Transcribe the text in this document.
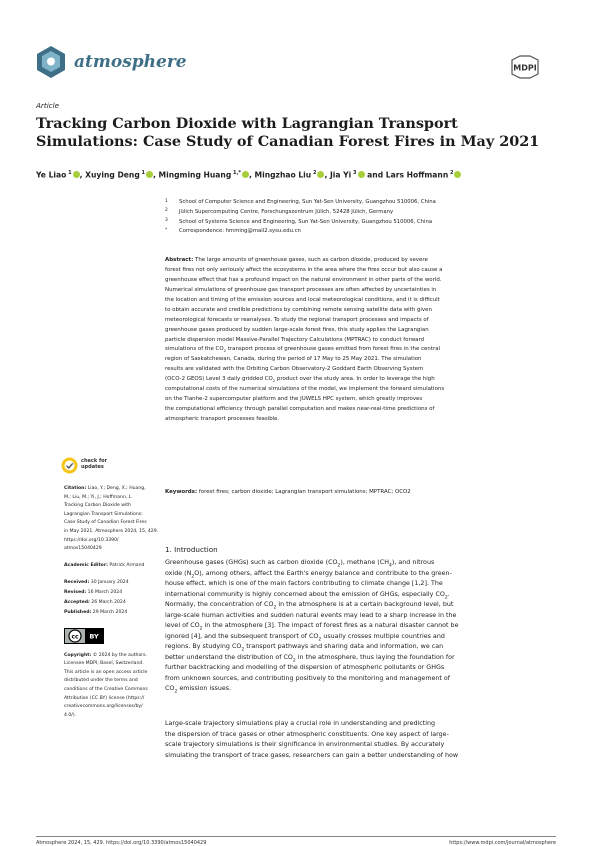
atmosphere	MDPI
Article
Tracking Carbon Dioxide with Lagrangian Transport
Simulations: Case Study of Canadian Forest Fires in May 2021
Ye Liao $^1$ , Xuying Deng $^1$ , Mingming Huang $^{1,*}$ , Mingzhao Liu $^2$ , Jia Yi $^3$ and Lars Hoffmann $^2$
1 School of Computer Science and Engineering, Sun Yat-Sen University, Guangzhou 510006, China
2 Jülich Supercomputing Centre, Forschungszentrum Jülich, 52428 Jülich, Germany
3 School of Systems Science and Engineering, Sun Yat-Sen University, Guangzhou 510006, China
* Correspondence: hmming@mail2.sysu.edu.cn
Abstract: The large amounts of greenhouse gases, such as carbon dioxide, produced by severe
forest fires not only seriously affect the ecosystems in the area where the fires occur but also cause a
greenhouse effect that has a profound impact on the natural environment in other parts of the world.
Numerical simulations of greenhouse gas transport processes are often affected by uncertainties in
the location and timing of the emission sources and local meteorological conditions, and it is difficult
to obtain accurate and credible predictions by combining remote sensing satellite data with given
meteorological forecasts or reanalyses. To study the regional transport processes and impacts of
greenhouse gases produced by sudden large-scale forest fires, this study applies the Lagrangian
particle dispersion model Massive-Parallel Trajectory Calculations (MPTRAC) to conduct forward
simulations of the $CO_2$ transport process of greenhouse gases emitted from forest fires in the central
region of Saskatchewan, Canada, during the period of 17 May to 25 May 2021. The simulation
results are validated with the Orbiting Carbon Observatory-2 Goddard Earth Observing System
(OCO-2 GEOS) Level 3 daily gridded $CO_2$ product over the study area. In order to leverage the high
computational costs of the numerical simulations of the model, we implement the forward simulations
on the Tianhe-2 supercomputer platform and the JUWELS HPC system, which greatly improves
the computational efficiency through parallel computation and makes near-real-time predictions of
atmospheric transport processes feasible.
Keywords: forest fires; carbon dioxide; Lagrangian transport simulations; MPTRAC; OCO2
check for
updates
Citation: Liao, Y.; Deng, X.; Huang,
M.; Liu, M.; Yi, J.; Hoffmann, L.
Tracking Carbon Dioxide with
Lagrangian Transport Simulations:
Case Study of Canadian Forest Fires
in May 2021. Atmosphere 2024, 15, 429.
https://doi.org/10.3390/
atmos15040429
Academic Editor: Patrick Armand
Received: 30 January 2024
Revised: 16 March 2024
Accepted: 26 March 2024
Published: 29 March 2024
cc BY
Copyright: © 2024 by the authors.
Licensee MDPI, Basel, Switzerland.
This article is an open access article
distributed under the terms and
conditions of the Creative Commons
Attribution (CC BY) license (https://
creativecommons.org/licenses/by/
4.0/).
1. Introduction
Greenhouse gases (GHGs) such as carbon dioxide $(CO_2)$, methane $(CH_4)$, and nitrous
oxide $(N_2O)$, among others, affect the Earth's energy balance and contribute to the green-
house effect, which is one of the main factors contributing to climate change [1,2]. The
international community is highly concerned about the emission of GHGs, especially $CO_2$.
Normally, the concentration of $CO_2$ in the atmosphere is at a certain background level, but
large-scale human activities and sudden natural events may lead to a sharp increase in the
level of $CO_2$ in the atmosphere [3]. The impact of forest fires as a natural disaster cannot be
ignored [4], and the subsequent transport of $CO_2$ usually crosses multiple countries and
regions. By studying $CO_2$ transport pathways and sharing data and information, we can
better understand the distribution of $CO_2$ in the atmosphere, thus laying the foundation for
further backtracking and modelling of the dispersion of atmospheric pollutants or GHGs
from unknown sources, and contributing positively to the monitoring and management of
$CO_2$ emission issues.
Large-scale trajectory simulations play a crucial role in understanding and predicting
the dispersion of trace gases or other atmospheric constituents. One key aspect of large-
scale trajectory simulations is their significance in environmental studies. By accurately
simulating the transport of trace gases, researchers can gain a better understanding of how
Atmosphere 2024, 15, 429. https://doi.org/10.3390/atmos15040429	https://www.mdpi.com/journal/atmosphere
